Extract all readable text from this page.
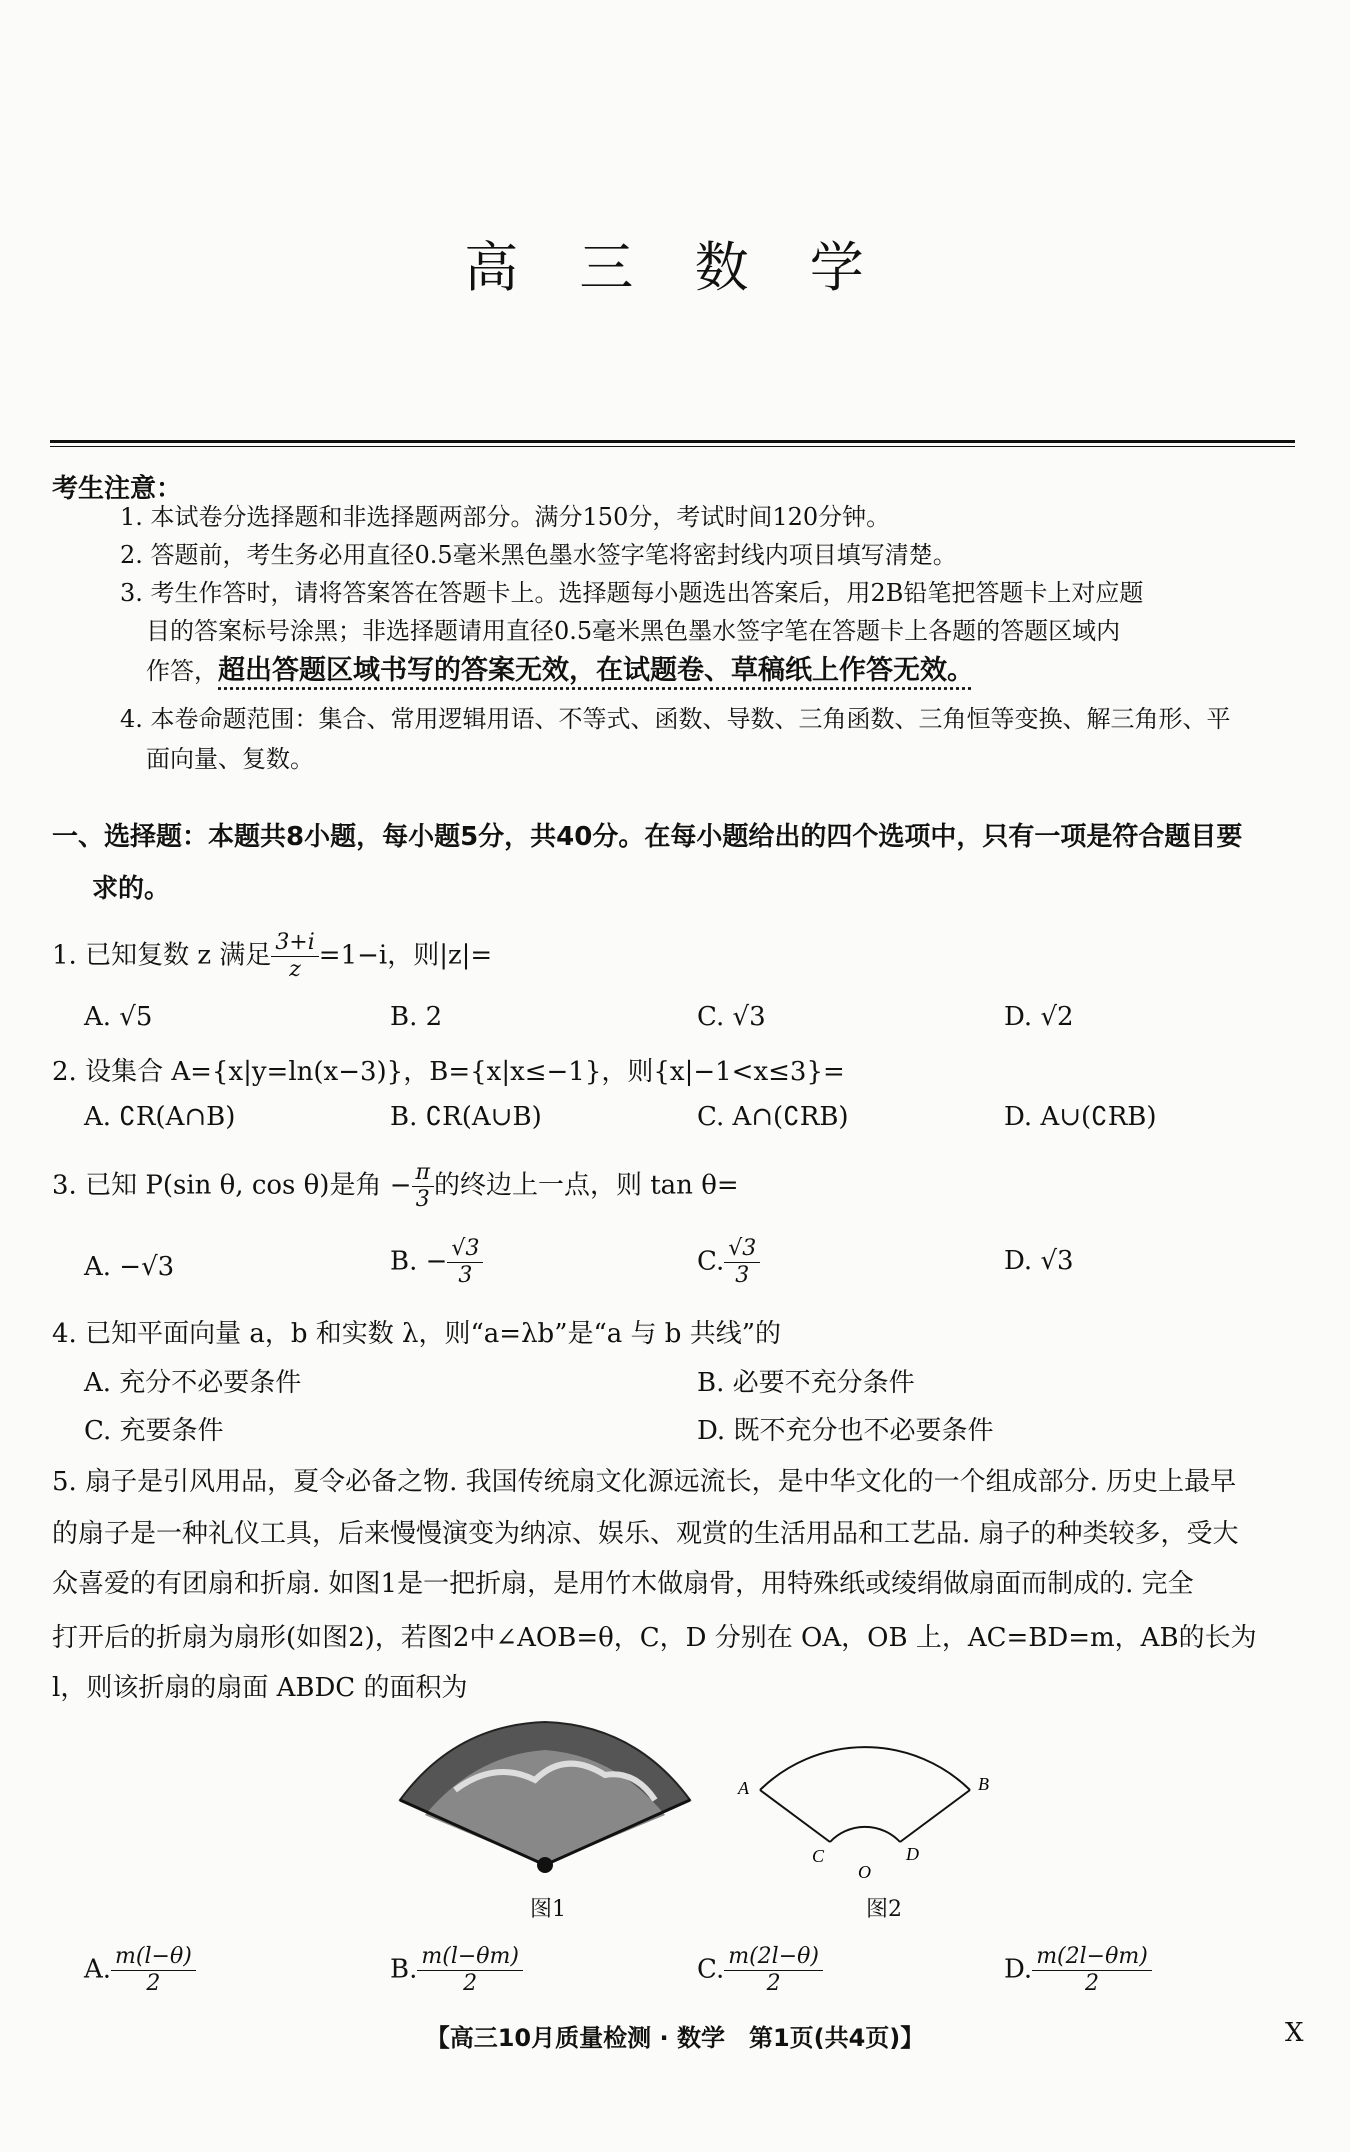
高 三 数 学
考生注意：
1. 本试卷分选择题和非选择题两部分。满分150分，考试时间120分钟。
2. 答题前，考生务必用直径0.5毫米黑色墨水签字笔将密封线内项目填写清楚。
3. 考生作答时，请将答案答在答题卡上。选择题每小题选出答案后，用2B铅笔把答题卡上对应题
目的答案标号涂黑；非选择题请用直径0.5毫米黑色墨水签字笔在答题卡上各题的答题区域内
作答，超出答题区域书写的答案无效，在试题卷、草稿纸上作答无效。
4. 本卷命题范围：集合、常用逻辑用语、不等式、函数、导数、三角函数、三角恒等变换、解三角形、平
面向量、复数。
一、选择题：本题共8小题，每小题5分，共40分。在每小题给出的四个选项中，只有一项是符合题目要
求的。
1. 已知复数 z 满足 $\frac{3+i}{z} =1-i$，则|z|=
A. √5	B. 2	C. √3	D. √2
2. 设集合 A={x|y=ln(x−3)}，B={x|x≤−1}，则{x|−1<x≤3}=
A. ∁R(A∩B)	B. ∁R(A∪B)	C. A∩(∁RB)	D. A∪(∁RB)
3. 已知 P(sin θ, cos θ)是角 − $\frac{\pi}{3}$ 的终边上一点，则 tan θ=
A. −√3	B. − $\frac{√3}{3}$	C. $\frac{√3}{3}$	D. √3
4. 已知平面向量 a，b 和实数 λ，则“a=λb”是“a 与 b 共线”的
A. 充分不必要条件	B. 必要不充分条件
C. 充要条件	D. 既不充分也不必要条件
5. 扇子是引风用品，夏令必备之物. 我国传统扇文化源远流长，是中华文化的一个组成部分. 历史上最早
的扇子是一种礼仪工具，后来慢慢演变为纳凉、娱乐、观赏的生活用品和工艺品. 扇子的种类较多，受大
众喜爱的有团扇和折扇. 如图1是一把折扇，是用竹木做扇骨，用特殊纸或绫绢做扇面而制成的. 完全
打开后的折扇为扇形(如图2)，若图2中∠AOB=θ，C，D 分别在 OA，OB 上，AC=BD=m，AB的长为
l，则该折扇的扇面 ABDC 的面积为
图1
A	B
C	D
O
图2
A. $\frac{m(l-\theta)}{2}$	B. $\frac{m(l-\theta m)}{2}$	C. $\frac{m(2l-\theta)}{2}$	D. $\frac{m(2l-\theta m)}{2}$
【高三10月质量检测 · 数学　第1页(共4页)】	X
